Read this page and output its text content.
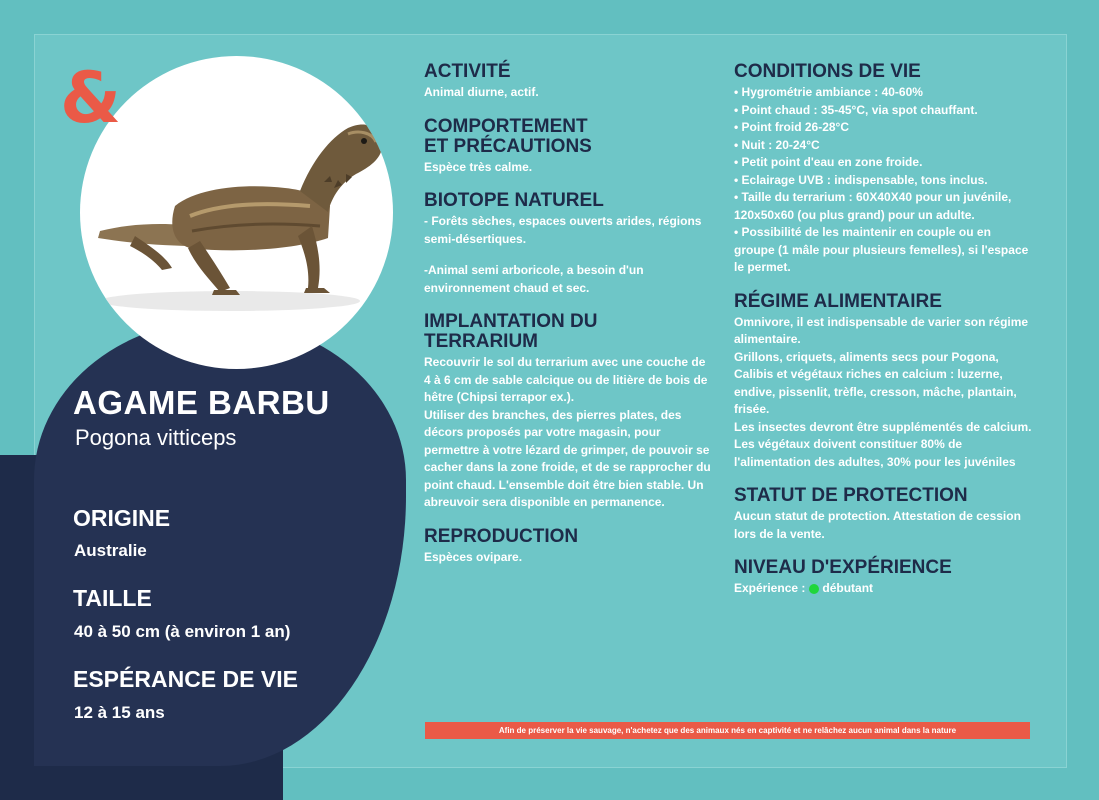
&
AGAME BARBU
Pogona vitticeps
ORIGINE
Australie
TAILLE
40 à 50 cm (à environ 1 an)
ESPÉRANCE DE VIE
12 à 15 ans
ACTIVITÉ

Animal diurne, actif.

COMPORTEMENT
ET PRÉCAUTIONS

Espèce très calme.

BIOTOPE NATUREL

- Forêts sèches, espaces ouverts arides, régions semi-désertiques.

-Animal semi arboricole, a besoin d'un environnement chaud et sec.

IMPLANTATION DU
TERRARIUM

Recouvrir le sol du terrarium avec une couche de 4 à 6 cm de sable calcique ou de litière de bois de hêtre (Chipsi terrapor ex.).

Utiliser des branches, des pierres plates, des décors proposés par votre magasin, pour permettre à votre lézard de grimper, de pouvoir se cacher dans la zone froide, et de se rapprocher du point chaud. L'ensemble doit être bien stable. Un abreuvoir sera disponible en permanence.

REPRODUCTION

Espèces ovipare.

CONDITIONS DE VIE

• Hygrométrie ambiance : 40-60%

• Point chaud : 35-45°C, via spot chauffant.

• Point froid 26-28°C

• Nuit : 20-24°C

• Petit point d'eau en zone froide.

• Eclairage UVB : indispensable, tons inclus.

• Taille du terrarium : 60X40X40 pour un juvénile, 120x50x60 (ou plus grand) pour un adulte.

• Possibilité de les maintenir en couple ou en groupe (1 mâle pour plusieurs femelles), si l'espace le permet.

RÉGIME ALIMENTAIRE

Omnivore, il est indispensable de varier son régime alimentaire.

Grillons, criquets, aliments secs pour Pogona, Calibis et végétaux riches en calcium : luzerne, endive, pissenlit, trèfle, cresson, mâche, plantain, frisée.

Les insectes devront être supplémentés de calcium.

Les végétaux doivent constituer 80% de l'alimentation des adultes, 30% pour les juvéniles

STATUT DE PROTECTION

Aucun statut de protection. Attestation de cession lors de la vente.

NIVEAU D'EXPÉRIENCE
Expérience : débutant
Afin de préserver la vie sauvage, n'achetez que des animaux nés en captivité et ne relâchez aucun animal dans la nature
